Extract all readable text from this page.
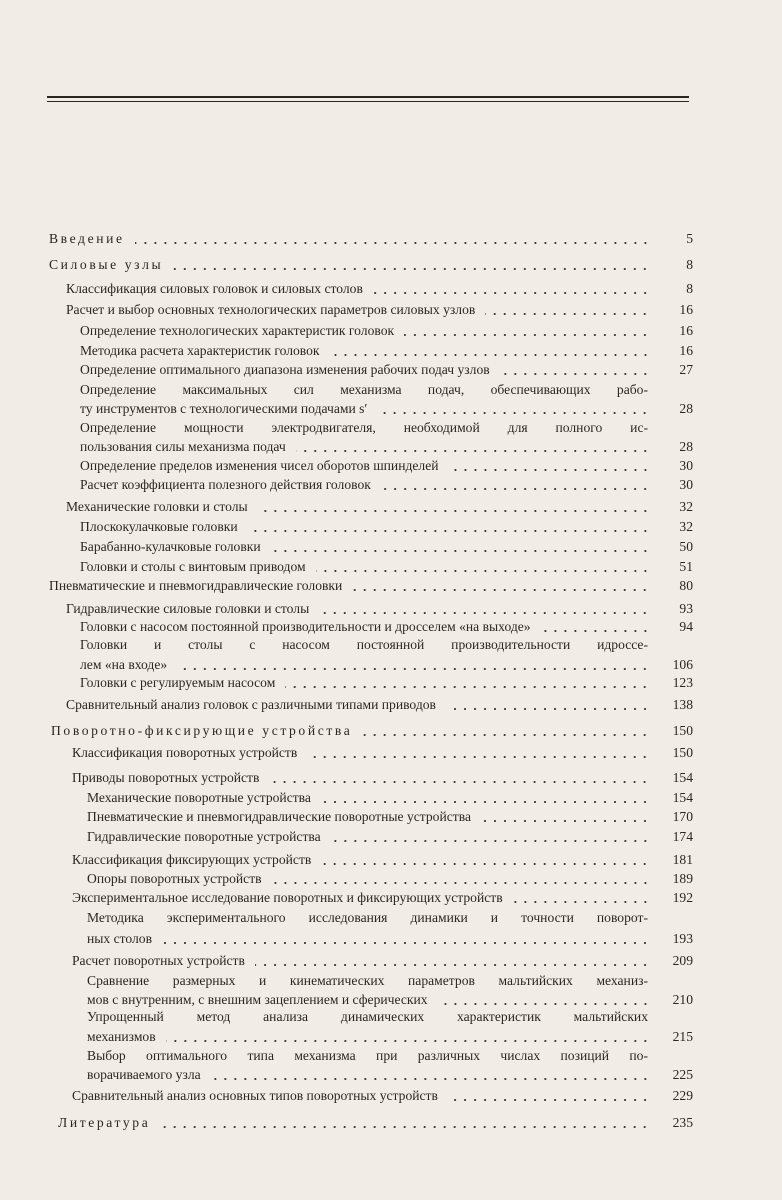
Введение	5
Силовые узлы	8
Классификация силовых головок и силовых столов	8
Расчет и выбор основных технологических параметров силовых узлов	16
Определение технологических характеристик головок	16
Методика расчета характеристик головок	16
Определение оптимального диапазона изменения рабочих подач узлов	27
Определение максимальных сил механизма подач, обеспечивающих рабо-
ту инструментов с технологическими подачами s′	28
Определение мощности электродвигателя, необходимой для полного ис-
пользования силы механизма подач	28
Определение пределов изменения чисел оборотов шпинделей	30
Расчет коэффициента полезного действия головок	30
Механические головки и столы	32
Плоскокулачковые головки	32
Барабанно-кулачковые головки	50
Головки и столы с винтовым приводом	51
Пневматические и пневмогидравлические головки	80
Гидравлические силовые головки и столы	93
Головки с насосом постоянной производительности и дросселем «на выходе»	94
Головки и столы с насосом постоянной производительности идроссе-
лем «на входе»	106
Головки с регулируемым насосом	123
Сравнительный анализ головок с различными типами приводов	138
Поворотно-фиксирующие устройства	150
Классификация поворотных устройств	150
Приводы поворотных устройств	154
Механические поворотные устройства	154
Пневматические и пневмогидравлические поворотные устройства	170
Гидравлические поворотные устройства	174
Классификация фиксирующих устройств	181
Опоры поворотных устройств	189
Экспериментальное исследование поворотных и фиксирующих устройств	192
Методика экспериментального исследования динамики и точности поворот-
ных столов	193
Расчет поворотных устройств	209
Сравнение размерных и кинематических параметров мальтийских механиз-
мов с внутренним, с внешним зацеплением и сферических	210
Упрощенный метод анализа динамических характеристик мальтийских
механизмов	215
Выбор оптимального типа механизма при различных числах позиций по-
ворачиваемого узла	225
Сравнительный анализ основных типов поворотных устройств	229
Литература	235
